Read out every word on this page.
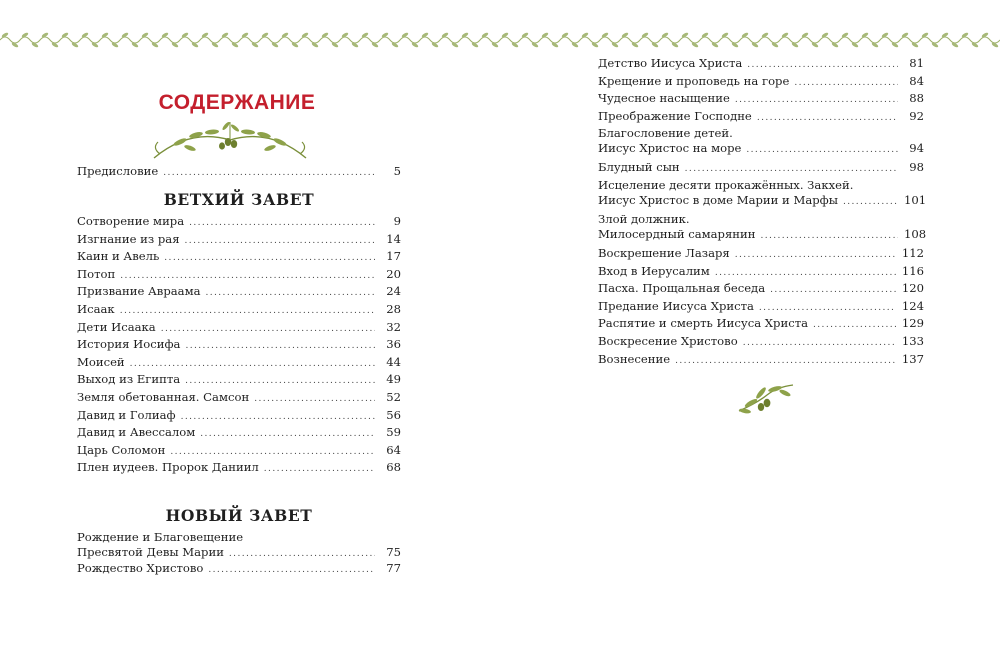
СОДЕРЖАНИЕ
Предисловие .....	5
ВЕТХИЙ ЗАВЕТ
Сотворение мира .....	9
Изгнание из рая .....	14
Каин и Авель .....	17
Потоп .....	20
Призвание Авраама .....	24
Исаак .....	28
Дети Исаака .....	32
История Иосифа .....	36
Моисей .....	44
Выход из Египта .....	49
Земля обетованная. Самсон .....	52
Давид и Голиаф .....	56
Давид и Авессалом .....	59
Царь Соломон .....	64
Плен иудеев. Пророк Даниил .....	68
НОВЫЙ ЗАВЕТ
Рождение и Благовещение
Пресвятой Девы Марии .....	75
Рождество Христово .....	77
Детство Иисуса Христа .....	81
Крещение и проповедь на горе .....	84
Чудесное насыщение .....	88
Преображение Господне .....	92
Благословение детей.
Иисус Христос на море .....	94
Блудный сын .....	98
Исцеление десяти прокажённых. Закхей.
Иисус Христос в доме Марии и Марфы .....	101
Злой должник.
Милосердный самарянин .....	108
Воскрешение Лазаря .....	112
Вход в Иерусалим .....	116
Пасха. Прощальная беседа .....	120
Предание Иисуса Христа .....	124
Распятие и смерть Иисуса Христа .....	129
Воскресение Христово .....	133
Вознесение .....	137
